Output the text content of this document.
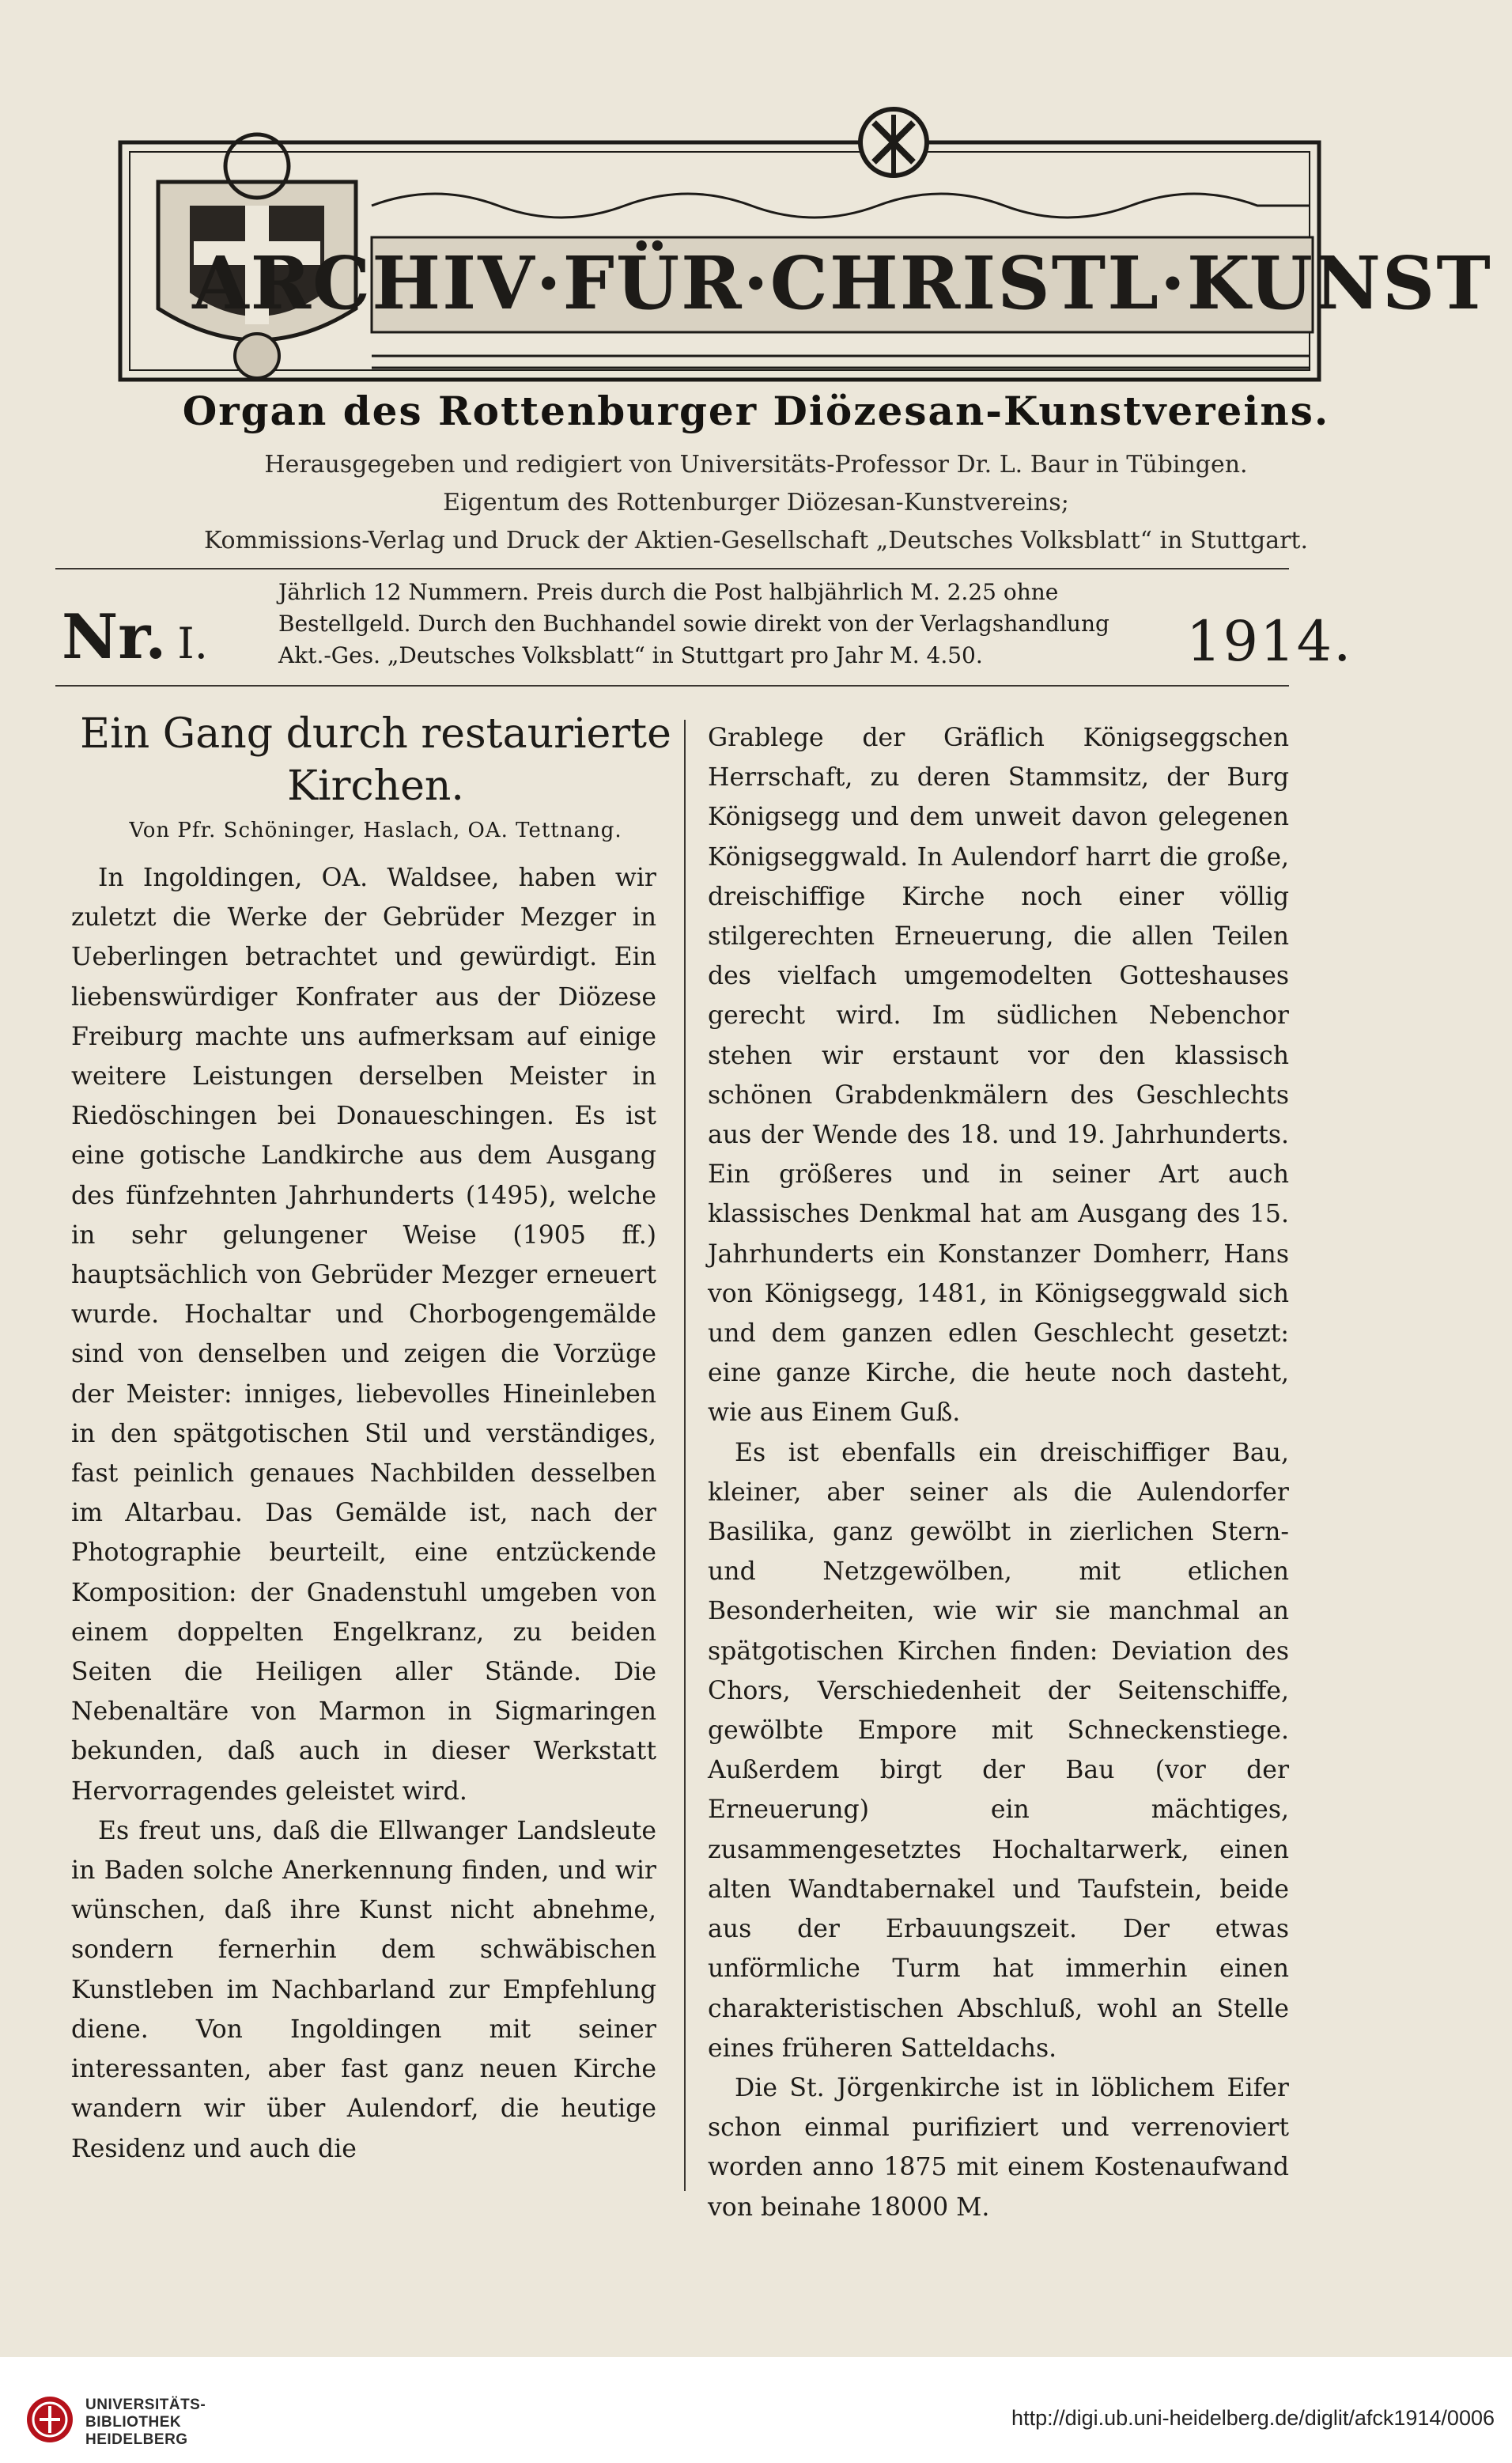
ARCHIV·FÜR·CHRISTL·KUNST
Organ des Rottenburger Diözesan-Kunstvereins.
Herausgegeben und redigiert von Universitäts-Professor Dr. L. Baur in Tübingen.
Eigentum des Rottenburger Diözesan-Kunstvereins;
Kommissions-Verlag und Druck der Aktien-Gesellschaft „Deutsches Volksblatt“ in Stuttgart.
Nr. I.
Jährlich 12 Nummern. Preis durch die Post halbjährlich M. 2.25 ohne
Bestellgeld. Durch den Buchhandel sowie direkt von der Verlagshandlung
Akt.-Ges. „Deutsches Volksblatt“ in Stuttgart pro Jahr M. 4.50.	1914.
Ein Gang durch restaurierte
Kirchen.
Von Pfr. Schöninger, Haslach, OA. Tettnang.

In Ingoldingen, OA. Waldsee, haben wir zuletzt die Werke der Gebrüder Mezger in Ueberlingen betrachtet und gewürdigt. Ein liebenswürdiger Konfrater aus der Diözese Freiburg machte uns aufmerksam auf einige weitere Leistungen derselben Meister in Riedöschingen bei Donaueschingen. Es ist eine gotische Landkirche aus dem Ausgang des fünfzehnten Jahrhunderts (1495), welche in sehr gelungener Weise (1905 ff.) hauptsächlich von Gebrüder Mezger erneuert wurde. Hochaltar und Chorbogengemälde sind von denselben und zeigen die Vorzüge der Meister: inniges, liebevolles Hineinleben in den spätgotischen Stil und verständiges, fast peinlich genaues Nachbilden desselben im Altarbau. Das Gemälde ist, nach der Photographie beurteilt, eine entzückende Komposition: der Gnadenstuhl umgeben von einem doppelten Engelkranz, zu beiden Seiten die Heiligen aller Stände. Die Nebenaltäre von Marmon in Sigmaringen bekunden, daß auch in dieser Werkstatt Hervorragendes geleistet wird.

Es freut uns, daß die Ellwanger Landsleute in Baden solche Anerkennung finden, und wir wünschen, daß ihre Kunst nicht abnehme, sondern fernerhin dem schwäbischen Kunstleben im Nachbarland zur Empfehlung diene. Von Ingoldingen mit seiner interessanten, aber fast ganz neuen Kirche wandern wir über Aulendorf, die heutige Residenz und auch die

Grablege der Gräflich Königseggschen Herrschaft, zu deren Stammsitz, der Burg Königsegg und dem unweit davon gelegenen Königseggwald. In Aulendorf harrt die große, dreischiffige Kirche noch einer völlig stilgerechten Erneuerung, die allen Teilen des vielfach umgemodelten Gotteshauses gerecht wird. Im südlichen Nebenchor stehen wir erstaunt vor den klassisch schönen Grabdenkmälern des Geschlechts aus der Wende des 18. und 19. Jahrhunderts. Ein größeres und in seiner Art auch klassisches Denkmal hat am Ausgang des 15. Jahrhunderts ein Konstanzer Domherr, Hans von Königsegg, 1481, in Königseggwald sich und dem ganzen edlen Geschlecht gesetzt: eine ganze Kirche, die heute noch dasteht, wie aus Einem Guß.

Es ist ebenfalls ein dreischiffiger Bau, kleiner, aber seiner als die Aulendorfer Basilika, ganz gewölbt in zierlichen Stern- und Netzgewölben, mit etlichen Besonderheiten, wie wir sie manchmal an spätgotischen Kirchen finden: Deviation des Chors, Verschiedenheit der Seitenschiffe, gewölbte Empore mit Schneckenstiege. Außerdem birgt der Bau (vor der Erneuerung) ein mächtiges, zusammengesetztes Hochaltarwerk, einen alten Wandtabernakel und Taufstein, beide aus der Erbauungszeit. Der etwas unförmliche Turm hat immerhin einen charakteristischen Abschluß, wohl an Stelle eines früheren Satteldachs.

Die St. Jörgenkirche ist in löblichem Eifer schon einmal purifiziert und verrenoviert worden anno 1875 mit einem Kostenaufwand von beinahe 18000 M.

UNIVERSITÄTS-
BIBLIOTHEK
HEIDELBERG
http://digi.ub.uni-heidelberg.de/diglit/afck1914/0006
